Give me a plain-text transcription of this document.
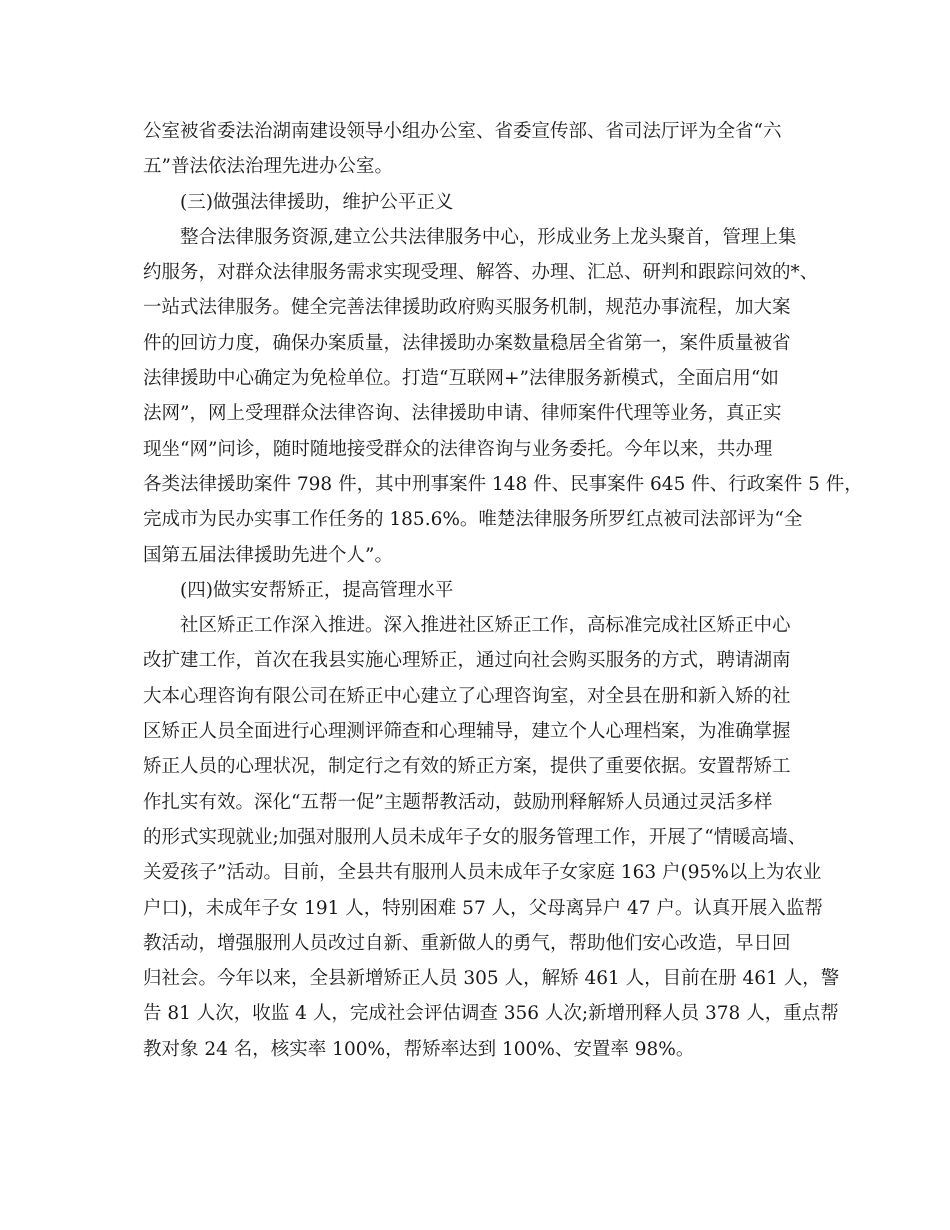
公室被省委法治湖南建设领导小组办公室、省委宣传部、省司法厅评为全省“六
五”普法依法治理先进办公室。
(三)做强法律援助，维护公平正义
整合法律服务资源,建立公共法律服务中心，形成业务上龙头聚首，管理上集
约服务，对群众法律服务需求实现受理、解答、办理、汇总、研判和跟踪问效的*、
一站式法律服务。健全完善法律援助政府购买服务机制，规范办事流程，加大案
件的回访力度，确保办案质量，法律援助办案数量稳居全省第一，案件质量被省
法律援助中心确定为免检单位。打造“互联网+”法律服务新模式，全面启用“如
法网”，网上受理群众法律咨询、法律援助申请、律师案件代理等业务，真正实
现坐“网”问诊，随时随地接受群众的法律咨询与业务委托。今年以来，共办理
各类法律援助案件 798 件，其中刑事案件 148 件、民事案件 645 件、行政案件 5 件，
完成市为民办实事工作任务的 185.6%。唯楚法律服务所罗红点被司法部评为“全
国第五届法律援助先进个人”。
(四)做实安帮矫正，提高管理水平
社区矫正工作深入推进。深入推进社区矫正工作，高标准完成社区矫正中心
改扩建工作，首次在我县实施心理矫正，通过向社会购买服务的方式，聘请湖南
大本心理咨询有限公司在矫正中心建立了心理咨询室，对全县在册和新入矫的社
区矫正人员全面进行心理测评筛查和心理辅导，建立个人心理档案，为准确掌握
矫正人员的心理状况，制定行之有效的矫正方案，提供了重要依据。安置帮矫工
作扎实有效。深化“五帮一促”主题帮教活动，鼓励刑释解矫人员通过灵活多样
的形式实现就业;加强对服刑人员未成年子女的服务管理工作，开展了“情暖高墙、
关爱孩子”活动。目前，全县共有服刑人员未成年子女家庭 163 户(95%以上为农业
户口)，未成年子女 191 人，特别困难 57 人，父母离异户 47 户。认真开展入监帮
教活动，增强服刑人员改过自新、重新做人的勇气，帮助他们安心改造，早日回
归社会。今年以来，全县新增矫正人员 305 人，解矫 461 人，目前在册 461 人，警
告 81 人次，收监 4 人，完成社会评估调查 356 人次;新增刑释人员 378 人，重点帮
教对象 24 名，核实率 100%，帮矫率达到 100%、安置率 98%。
